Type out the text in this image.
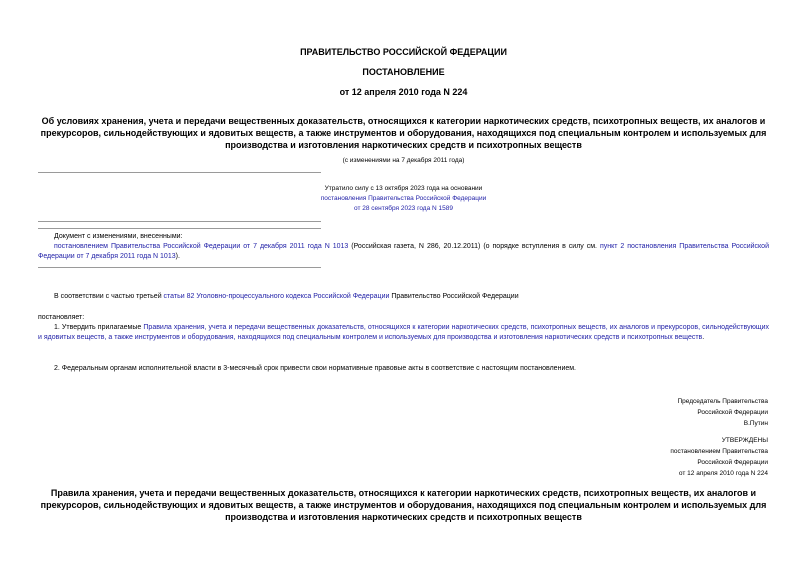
ПРАВИТЕЛЬСТВО РОССИЙСКОЙ ФЕДЕРАЦИИ
ПОСТАНОВЛЕНИЕ
от 12 апреля 2010 года N 224
Об условиях хранения, учета и передачи вещественных доказательств, относящихся к категории наркотических средств, психотропных веществ, их аналогов и прекурсоров, сильнодействующих и ядовитых веществ, а также инструментов и оборудования, находящихся под специальным контролем и используемых для производства и изготовления наркотических средств и психотропных веществ
(с изменениями на 7 декабря 2011 года)
Утратило силу с 13 октября 2023 года на основании
постановления Правительства Российской Федерации
от 28 сентября 2023 года N 1589
Документ с изменениями, внесенными:
постановлением Правительства Российской Федерации от 7 декабря 2011 года N 1013 (Российская газета, N 286, 20.12.2011) (о порядке вступления в силу см. пункт 2 постановления Правительства Российской Федерации от 7 декабря 2011 года N 1013).
В соответствии с частью третьей статьи 82 Уголовно-процессуального кодекса Российской Федерации Правительство Российской Федерации
постановляет:
1. Утвердить прилагаемые Правила хранения, учета и передачи вещественных доказательств, относящихся к категории наркотических средств, психотропных веществ, их аналогов и прекурсоров, сильнодействующих и ядовитых веществ, а также инструментов и оборудования, находящихся под специальным контролем и используемых для производства и изготовления наркотических средств и психотропных веществ.
2. Федеральным органам исполнительной власти в 3-месячный срок привести свои нормативные правовые акты в соответствие с настоящим постановлением.
Председатель Правительства
Российской Федерации
В.Путин
УТВЕРЖДЕНЫ
постановлением Правительства
Российской Федерации
от 12 апреля 2010 года N 224
Правила хранения, учета и передачи вещественных доказательств, относящихся к категории наркотических средств, психотропных веществ, их аналогов и прекурсоров, сильнодействующих и ядовитых веществ, а также инструментов и оборудования, находящихся под специальным контролем и используемых для производства и изготовления наркотических средств и психотропных веществ
